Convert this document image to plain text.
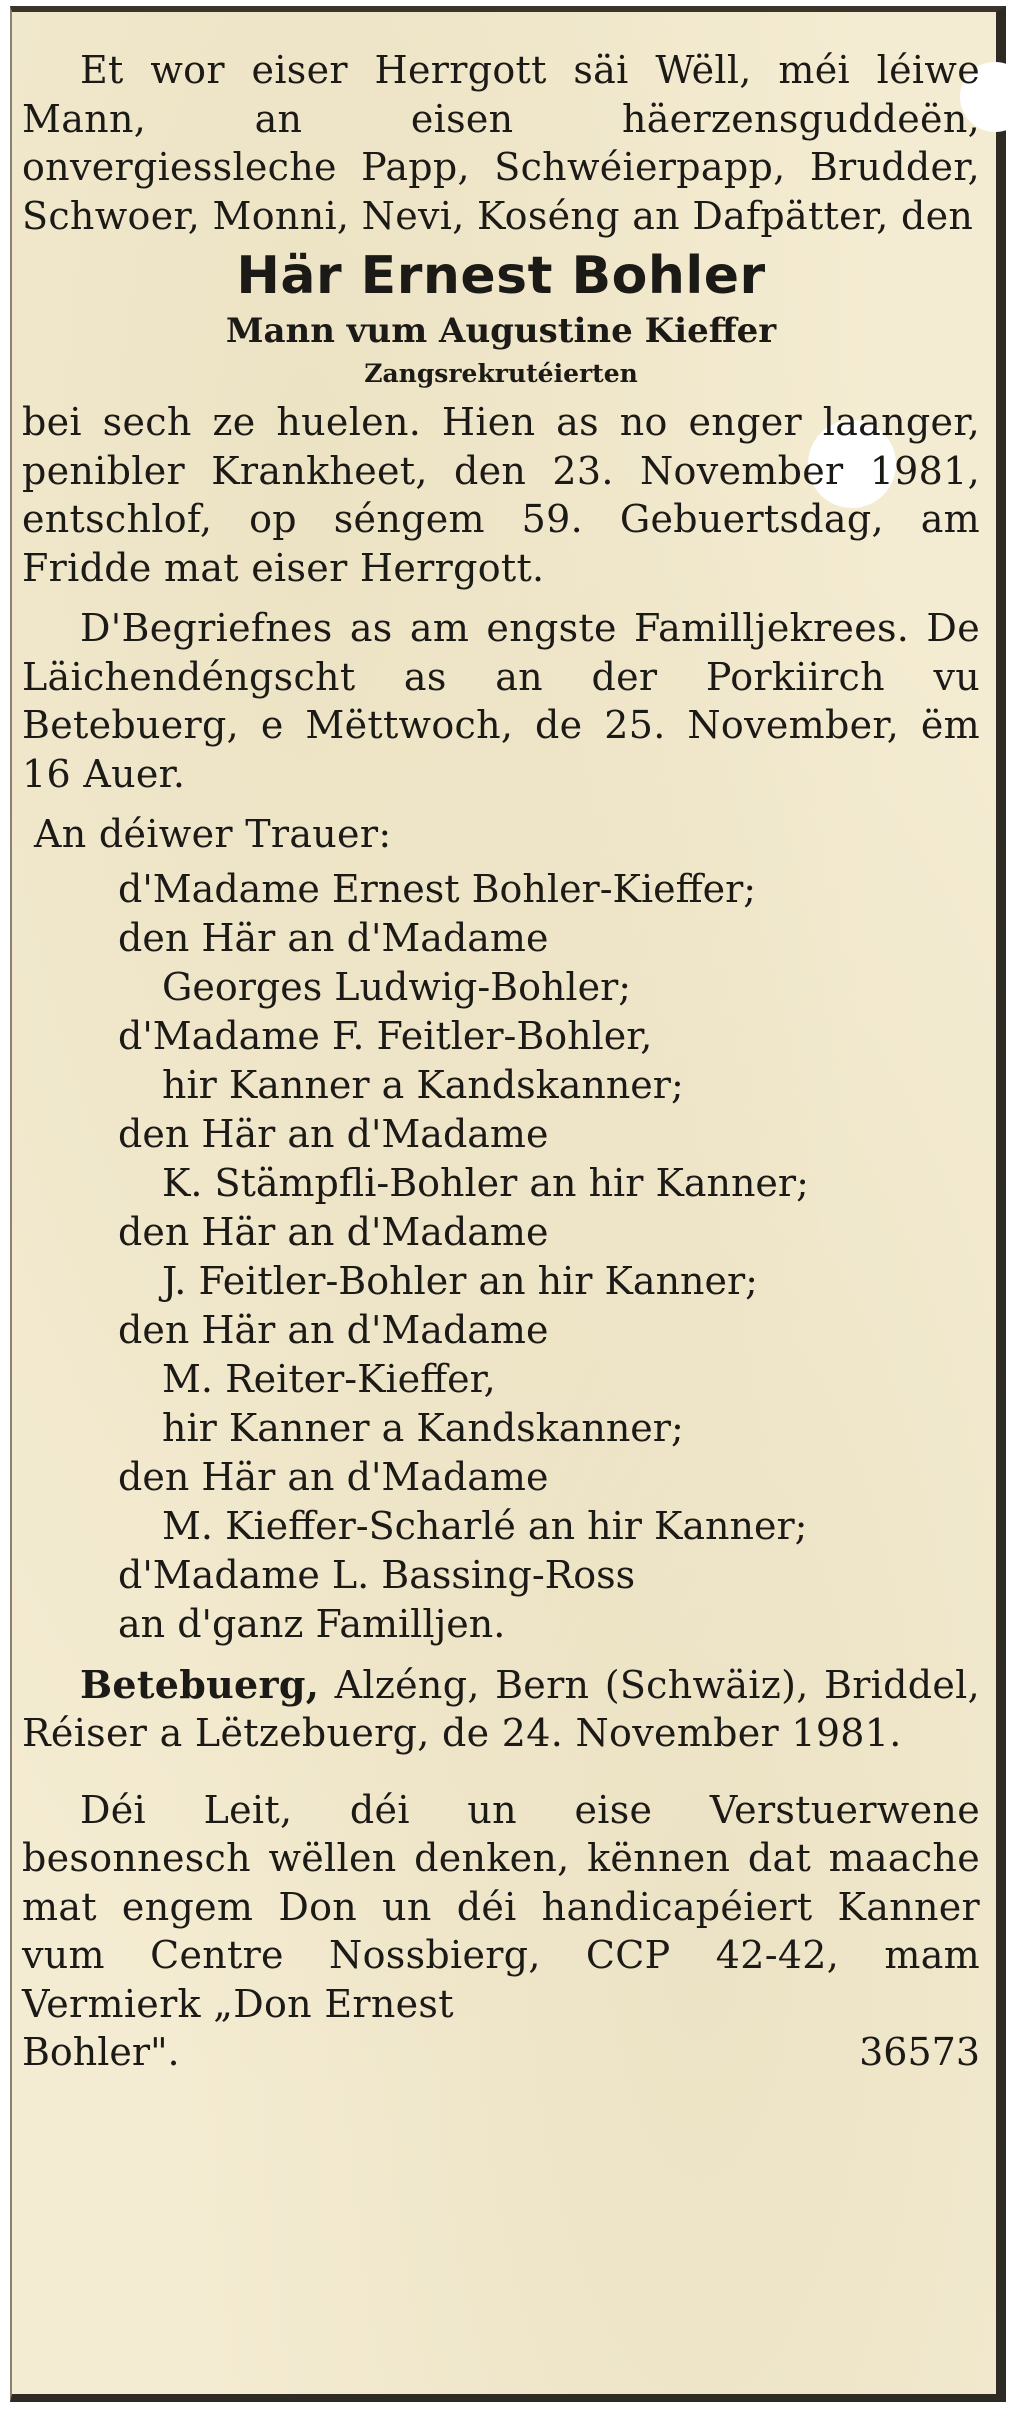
Et wor eiser Herrgott säi Wëll, méi léiwe Mann, an eisen häerzensguddeën, onvergiessleche Papp, Schwéierpapp, Brudder, Schwoer, Monni, Nevi, Koséng an Dafpätter, den

Här Ernest Bohler
Mann vum Augustine Kieffer
Zangsrekrutéierten

bei sech ze huelen. Hien as no enger laanger, penibler Krankheet, den 23. November 1981, entschlof, op séngem 59. Gebuertsdag, am Fridde mat eiser Herrgott.

D'Begriefnes as am engste Familljekrees. De Läichendéngscht as an der Porkiirch vu Betebuerg, e Mëttwoch, de 25. November, ëm 16 Auer.

An déiwer Trauer:

d'Madame Ernest Bohler-Kieffer;
den Här an d'Madame
Georges Ludwig-Bohler;
d'Madame F. Feitler-Bohler,
hir Kanner a Kandskanner;
den Här an d'Madame
K. Stämpfli-Bohler an hir Kanner;
den Här an d'Madame
J. Feitler-Bohler an hir Kanner;
den Här an d'Madame
M. Reiter-Kieffer,
hir Kanner a Kandskanner;
den Här an d'Madame
M. Kieffer-Scharlé an hir Kanner;
d'Madame L. Bassing-Ross
an d'ganz Familljen.

Betebuerg, Alzéng, Bern (Schwäiz), Briddel, Réiser a Lëtzebuerg, de 24. November 1981.

Déi Leit, déi un eise Verstuerwene besonnesch wëllen denken, kënnen dat maache mat engem Don un déi handicapéiert Kanner vum Centre Nossbierg, CCP 42-42, mam Vermierk „Don Ernest

Bohler".	36573
